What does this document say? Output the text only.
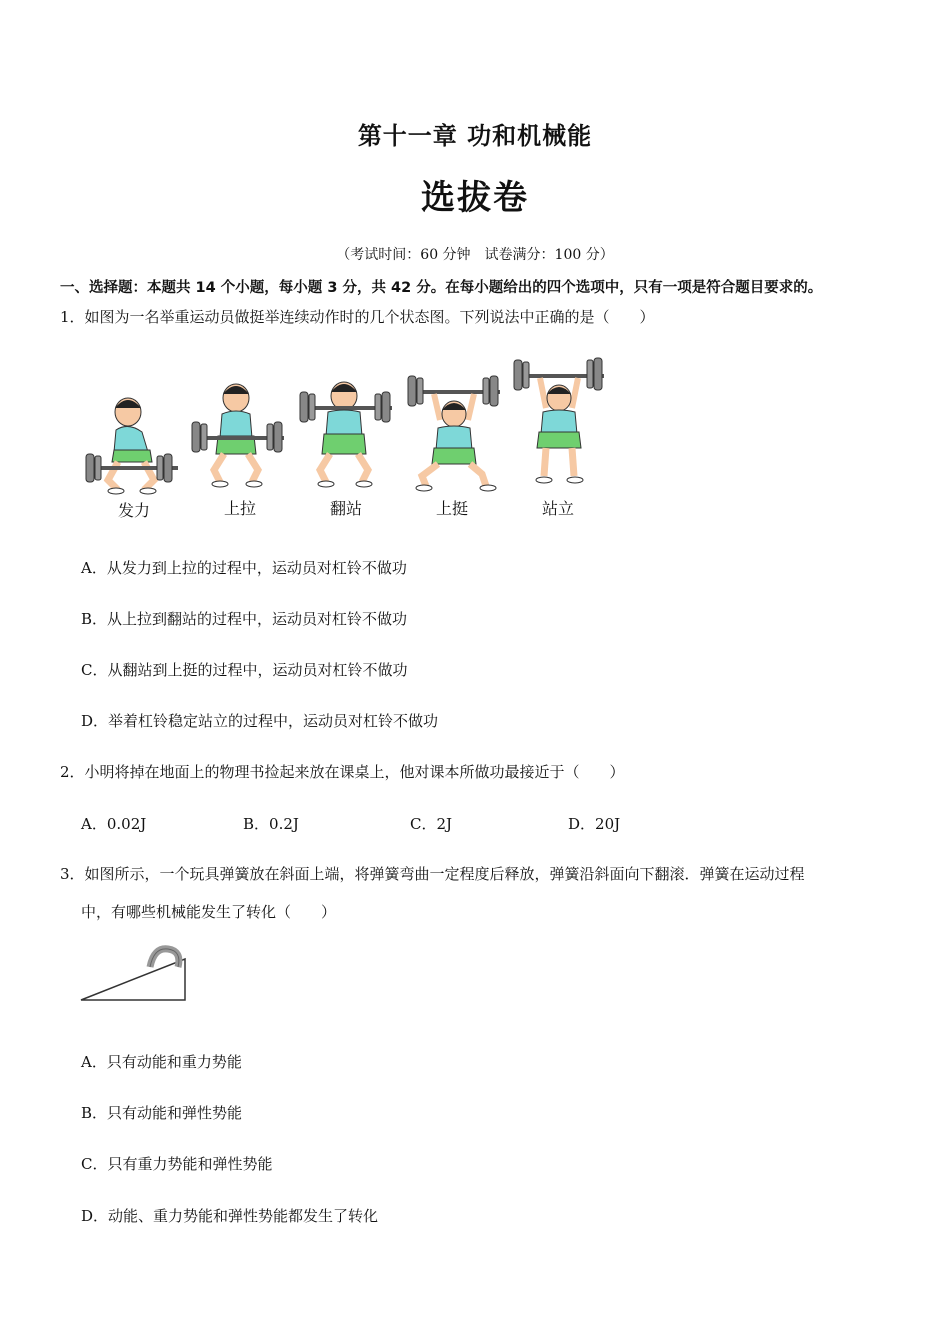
第十一章 功和机械能
选拔卷
（考试时间：60 分钟　试卷满分：100 分）
一、选择题：本题共 14 个小题，每小题 3 分，共 42 分。在每小题给出的四个选项中，只有一项是符合题目要求的。
1．如图为一名举重运动员做挺举连续动作时的几个状态图。下列说法中正确的是（　　）
发力	上拉	翻站	上挺	站立
A．从发力到上拉的过程中，运动员对杠铃不做功
B．从上拉到翻站的过程中，运动员对杠铃不做功
C．从翻站到上挺的过程中，运动员对杠铃不做功
D．举着杠铃稳定站立的过程中，运动员对杠铃不做功
2．小明将掉在地面上的物理书捡起来放在课桌上，他对课本所做功最接近于（　　）
A．0.02J	B．0.2J	C．2J	D．20J
3．如图所示，一个玩具弹簧放在斜面上端，将弹簧弯曲一定程度后释放，弹簧沿斜面向下翻滚．弹簧在运动过程
中，有哪些机械能发生了转化（　　）
A．只有动能和重力势能
B．只有动能和弹性势能
C．只有重力势能和弹性势能
D．动能、重力势能和弹性势能都发生了转化
